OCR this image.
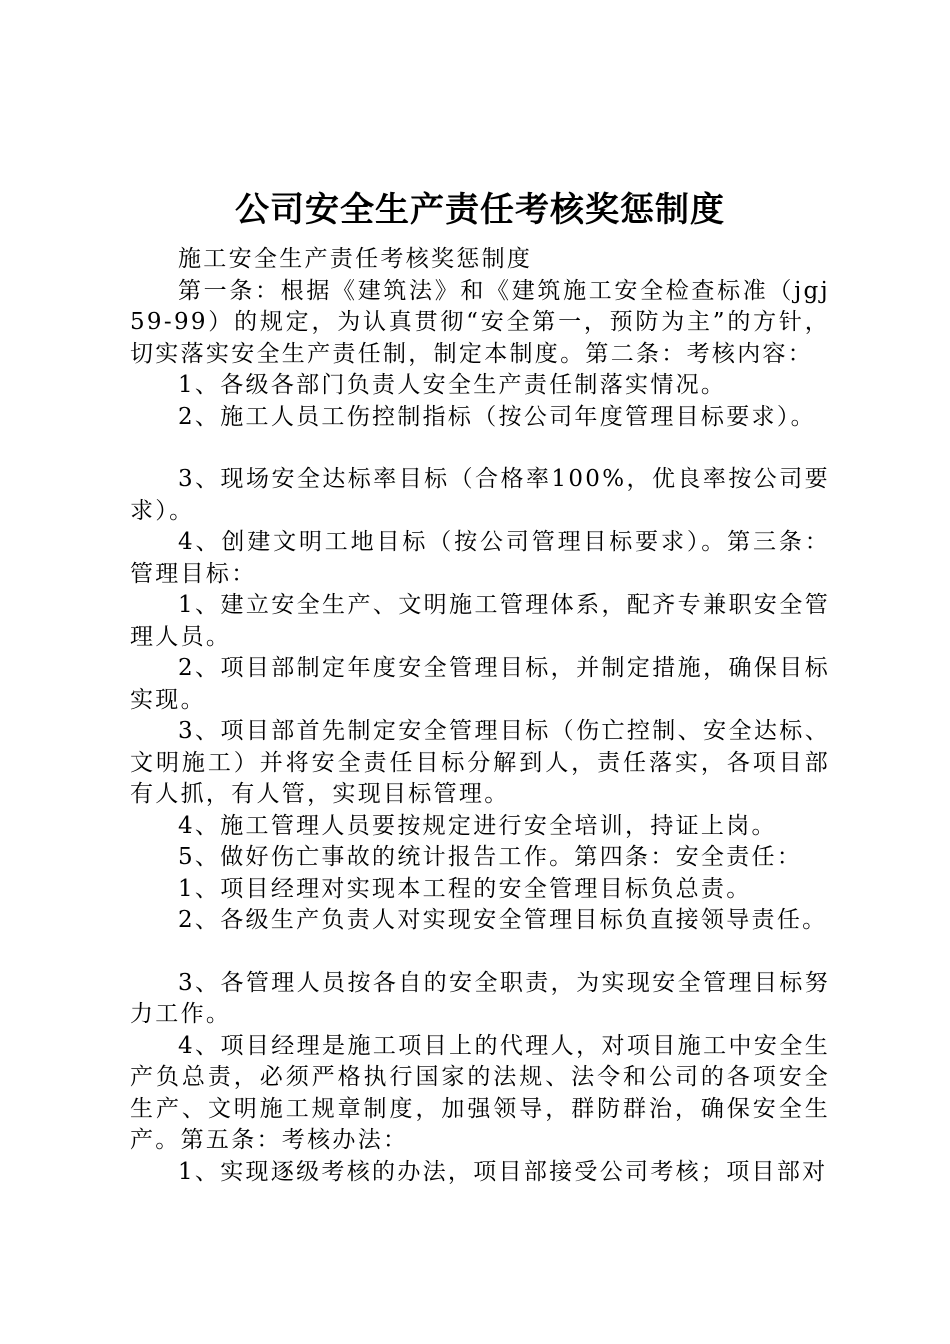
公司安全生产责任考核奖惩制度

施工安全生产责任考核奖惩制度

第一条：根据《建筑法》和《建筑施工安全检查标准（jgj59-99）的规定，为认真贯彻“安全第一，预防为主”的方针，切实落实安全生产责任制，制定本制度。第二条：考核内容：

1、各级各部门负责人安全生产责任制落实情况。

2、施工人员工伤控制指标（按公司年度管理目标要求）。

3、现场安全达标率目标（合格率100%，优良率按公司要求）。

4、创建文明工地目标（按公司管理目标要求）。第三条：管理目标：

1、建立安全生产、文明施工管理体系，配齐专兼职安全管理人员。

2、项目部制定年度安全管理目标，并制定措施，确保目标实现。

3、项目部首先制定安全管理目标（伤亡控制、安全达标、文明施工）并将安全责任目标分解到人，责任落实，各项目部有人抓，有人管，实现目标管理。

4、施工管理人员要按规定进行安全培训，持证上岗。

5、做好伤亡事故的统计报告工作。第四条：安全责任：

1、项目经理对实现本工程的安全管理目标负总责。

2、各级生产负责人对实现安全管理目标负直接领导责任。

3、各管理人员按各自的安全职责，为实现安全管理目标努力工作。

4、项目经理是施工项目上的代理人，对项目施工中安全生产负总责，必须严格执行国家的法规、法令和公司的各项安全生产、文明施工规章制度，加强领导，群防群治，确保安全生产。第五条：考核办法：

1、实现逐级考核的办法，项目部接受公司考核；项目部对
